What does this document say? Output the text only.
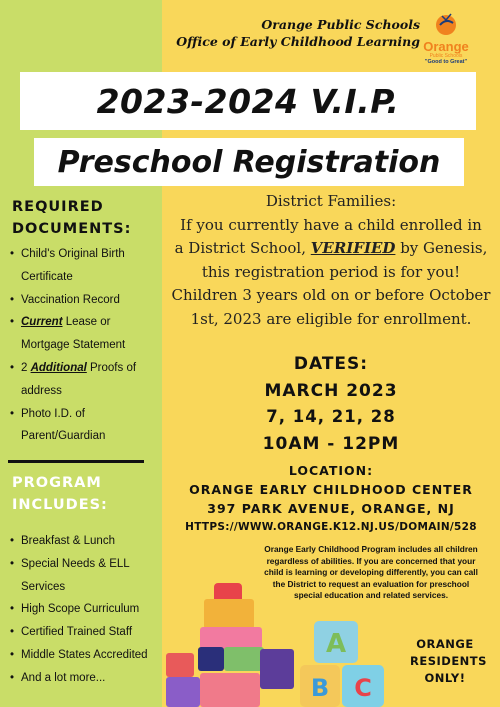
Orange Public Schools
Office of Early Childhood Learning Orange
Public Schools
"Good to Great"
2023-2024 V.I.P.
Preschool Registration
REQUIRED
DOCUMENTS:
• Child's Original Birth
Certificate
• Vaccination Record
• Current Lease or
Mortgage Statement
• 2 Additional Proofs of
address
• Photo I.D. of
Parent/Guardian
PROGRAM
INCLUDES:
• Breakfast & Lunch
• Special Needs & ELL
Services
• High Scope Curriculum
• Certified Trained Staff
• Middle States Accredited
• And a lot more...
District Families:
If you currently have a child enrolled in
a District School, VERIFIED by Genesis,
this registration period is for you!
Children 3 years old on or before October
1st, 2023 are eligible for enrollment.
DATES:
MARCH 2023
7, 14, 21, 28
10AM - 12PM
LOCATION:
ORANGE EARLY CHILDHOOD CENTER
397 PARK AVENUE, ORANGE, NJ
HTTPS://WWW.ORANGE.K12.NJ.US/DOMAIN/528
Orange Early Childhood Program includes all children regardless of abilities. If you are concerned that your child is learning or developing differently, you can call the District to request an evaluation for preschool special education and related services.
A
B C
ORANGE
RESIDENTS
ONLY!
